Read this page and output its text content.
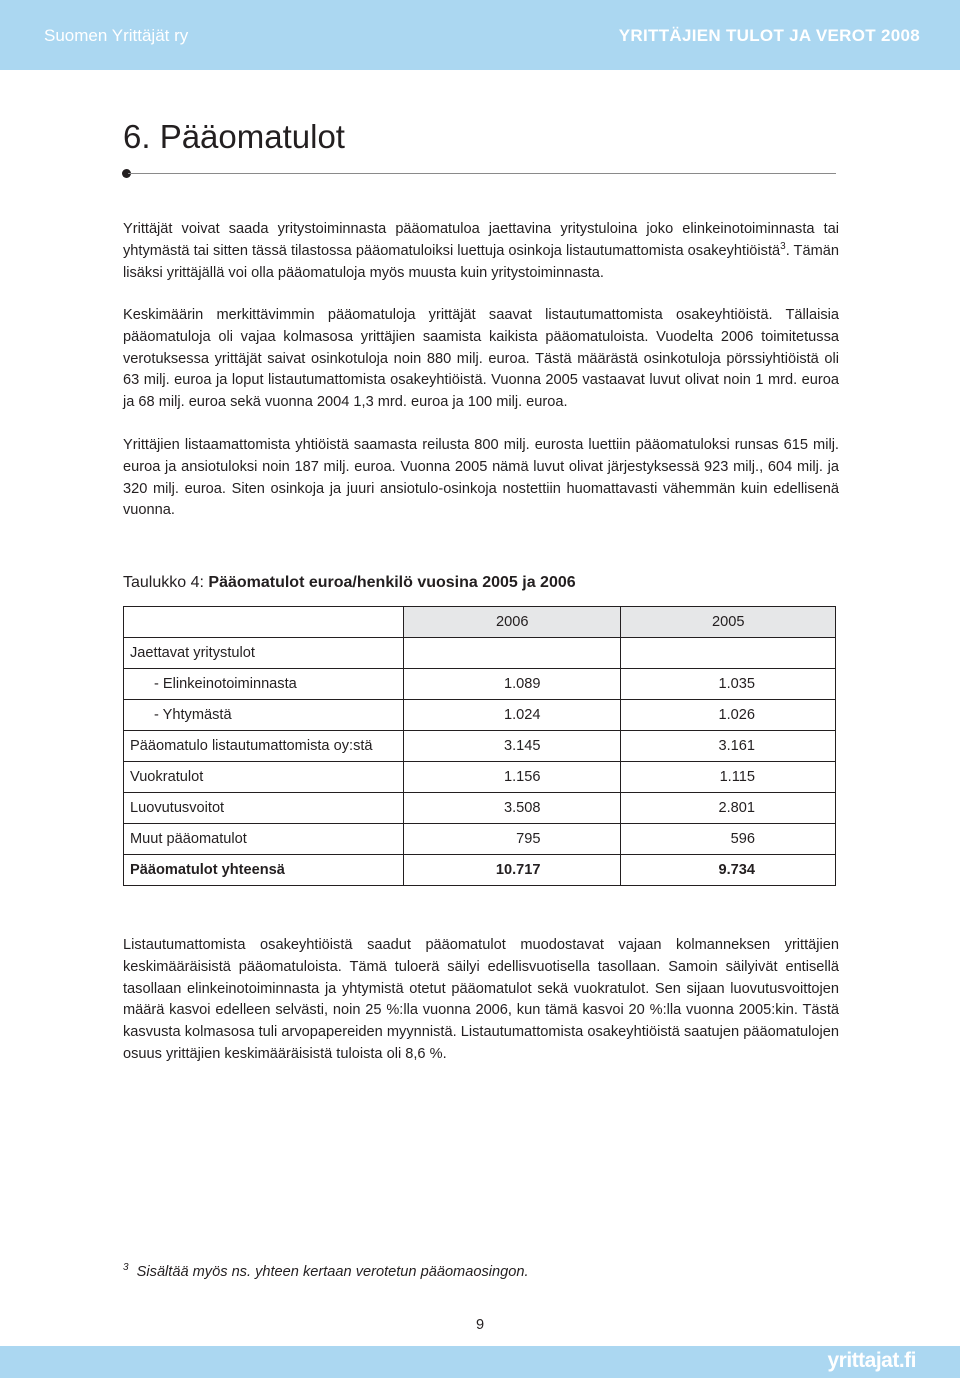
Suomen Yrittäjät ry	YRITTÄJIEN TULOT JA VEROT 2008
6. Pääomatulot

Yrittäjät voivat saada yritystoiminnasta pääomatuloa jaettavina yritystuloina joko elinkeinotoiminnasta tai yhtymästä tai sitten tässä tilastossa pääomatuloiksi luettuja osinkoja listautumattomista osakeyhtiöistä$^3$. Tämän lisäksi yrittäjällä voi olla pääomatuloja myös muusta kuin yritystoiminnasta.

Keskimäärin merkittävimmin pääomatuloja yrittäjät saavat listautumattomista osakeyhtiöistä. Tällaisia pääomatuloja oli vajaa kolmasosa yrittäjien saamista kaikista pääomatuloista. Vuodelta 2006 toimitetussa verotuksessa yrittäjät saivat osinkotuloja noin 880 milj. euroa. Tästä määrästä osinkotuloja pörssiyhtiöistä oli 63 milj. euroa ja loput listautumattomista osakeyhtiöistä. Vuonna 2005 vastaavat luvut olivat noin 1 mrd. euroa ja 68 milj. euroa sekä vuonna 2004 1,3 mrd. euroa ja 100 milj. euroa.

Yrittäjien listaamattomista yhtiöistä saamasta reilusta 800 milj. eurosta luettiin pääomatuloksi runsas 615 milj. euroa ja ansiotuloksi noin 187 milj. euroa. Vuonna 2005 nämä luvut olivat järjestyksessä 923 milj., 604 milj. ja 320 milj. euroa. Siten osinkoja ja juuri ansiotulo-osinkoja nostettiin huomattavasti vähemmän kuin edellisenä vuonna.

Taulukko 4: Pääomatulot euroa/henkilö vuosina 2005 ja 2006
	2006	2005
Jaettavat yritystulot		
- Elinkeinotoiminnasta	1.089	1.035
- Yhtymästä	1.024	1.026
Pääomatulo listautumattomista oy:stä	3.145	3.161
Vuokratulot	1.156	1.115
Luovutusvoitot	3.508	2.801
Muut pääomatulot	795	596
Pääomatulot yhteensä	10.717	9.734

Listautumattomista osakeyhtiöistä saadut pääomatulot muodostavat vajaan kolmanneksen yrittäjien keskimääräisistä pääomatuloista. Tämä tuloerä säilyi edellisvuotisella tasollaan. Samoin säilyivät entisellä tasollaan elinkeinotoiminnasta ja yhtymistä otetut pääomatulot sekä vuokratulot. Sen sijaan luovutusvoittojen määrä kasvoi edelleen selvästi, noin 25 %:lla vuonna 2006, kun tämä kasvoi 20 %:lla vuonna 2005:kin. Tästä kasvusta kolmasosa tuli arvopapereiden myynnistä. Listautumattomista osakeyhtiöistä saatujen pääomatulojen osuus yrittäjien keskimääräisistä tuloista oli 8,6 %.

$^3$ Sisältää myös ns. yhteen kertaan verotetun pääomaosingon.
9
yrittajat.fi
